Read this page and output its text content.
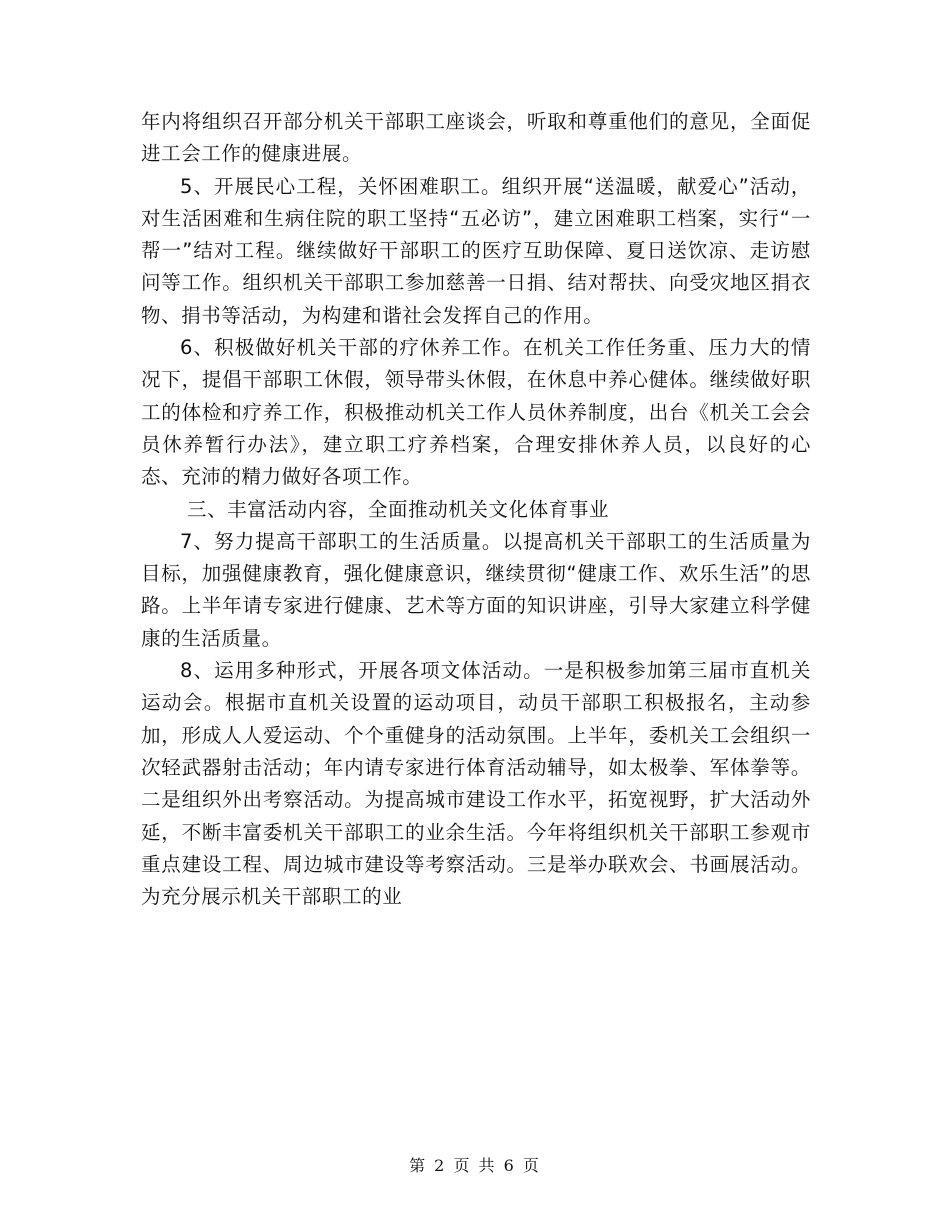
年内将组织召开部分机关干部职工座谈会，听取和尊重他们的意见，全面促进工会工作的健康进展。

5、开展民心工程，关怀困难职工。组织开展“送温暖，献爱心”活动，对生活困难和生病住院的职工坚持“五必访”，建立困难职工档案，实行“一帮一”结对工程。继续做好干部职工的医疗互助保障、夏日送饮凉、走访慰问等工作。组织机关干部职工参加慈善一日捐、结对帮扶、向受灾地区捐衣物、捐书等活动，为构建和谐社会发挥自己的作用。

6、积极做好机关干部的疗休养工作。在机关工作任务重、压力大的情况下，提倡干部职工休假，领导带头休假，在休息中养心健体。继续做好职工的体检和疗养工作，积极推动机关工作人员休养制度，出台《机关工会会员休养暂行办法》，建立职工疗养档案，合理安排休养人员，以良好的心态、充沛的精力做好各项工作。

三、丰富活动内容，全面推动机关文化体育事业

7、努力提高干部职工的生活质量。以提高机关干部职工的生活质量为目标，加强健康教育，强化健康意识，继续贯彻“健康工作、欢乐生活”的思路。上半年请专家进行健康、艺术等方面的知识讲座，引导大家建立科学健康的生活质量。

8、运用多种形式，开展各项文体活动。一是积极参加第三届市直机关运动会。根据市直机关设置的运动项目，动员干部职工积极报名，主动参加，形成人人爱运动、个个重健身的活动氛围。上半年，委机关工会组织一次轻武器射击活动；年内请专家进行体育活动辅导，如太极拳、军体拳等。二是组织外出考察活动。为提高城市建设工作水平，拓宽视野，扩大活动外延，不断丰富委机关干部职工的业余生活。今年将组织机关干部职工参观市重点建设工程、周边城市建设等考察活动。三是举办联欢会、书画展活动。为充分展示机关干部职工的业

第 2 页 共 6 页
